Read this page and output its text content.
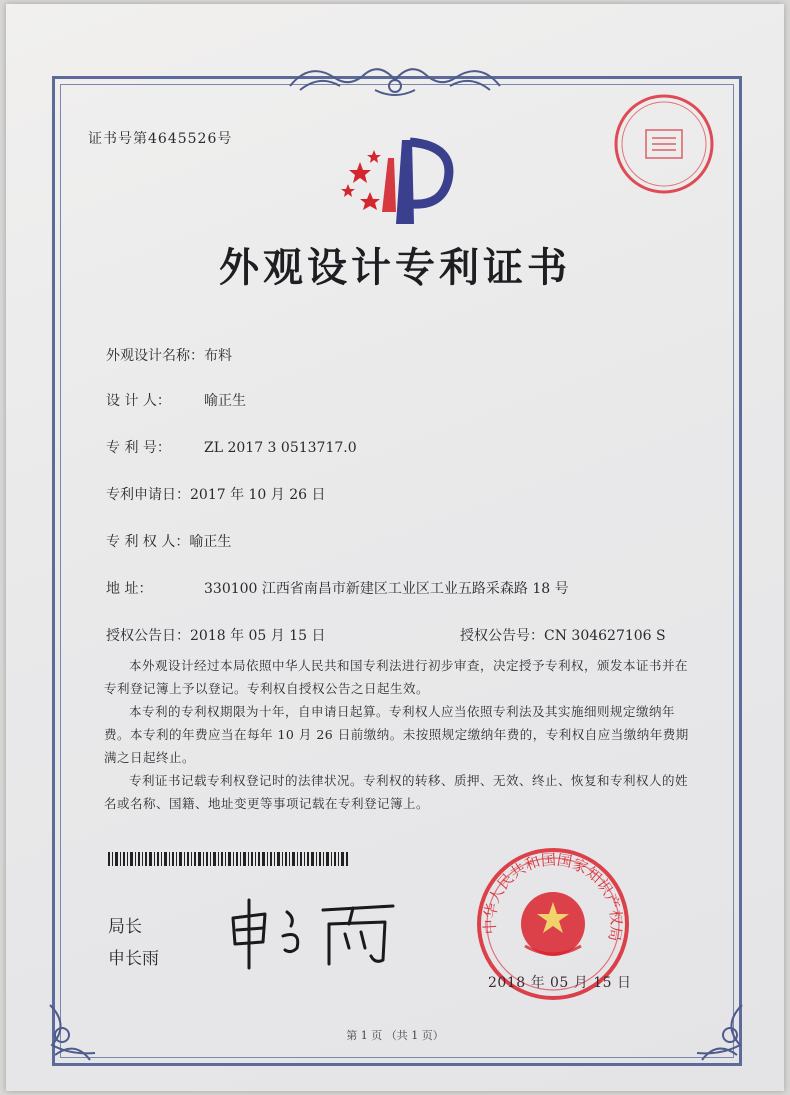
证书号第4645526号
外观设计专利证书
外观设计名称：布料
设 计 人： 喻正生
专 利 号： ZL 2017 3 0513717.0
专利申请日：2017 年 10 月 26 日
专 利 权 人：喻正生
地 址：	330100 江西省南昌市新建区工业区工业五路采森路 18 号
授权公告日：2018 年 05 月 15 日	授权公告号：CN 304627106 S

本外观设计经过本局依照中华人民共和国专利法进行初步审查，决定授予专利权，颁发本证书并在专利登记簿上予以登记。专利权自授权公告之日起生效。

本专利的专利权期限为十年，自申请日起算。专利权人应当依照专利法及其实施细则规定缴纳年费。本专利的年费应当在每年 10 月 26 日前缴纳。未按照规定缴纳年费的，专利权自应当缴纳年费期满之日起终止。

专利证书记载专利权登记时的法律状况。专利权的转移、质押、无效、终止、恢复和专利权人的姓名或名称、国籍、地址变更等事项记载在专利登记簿上。

局长
申长雨
中华人民共和国国家知识产权局
2018 年 05 月 15 日
第 1 页 （共 1 页）
